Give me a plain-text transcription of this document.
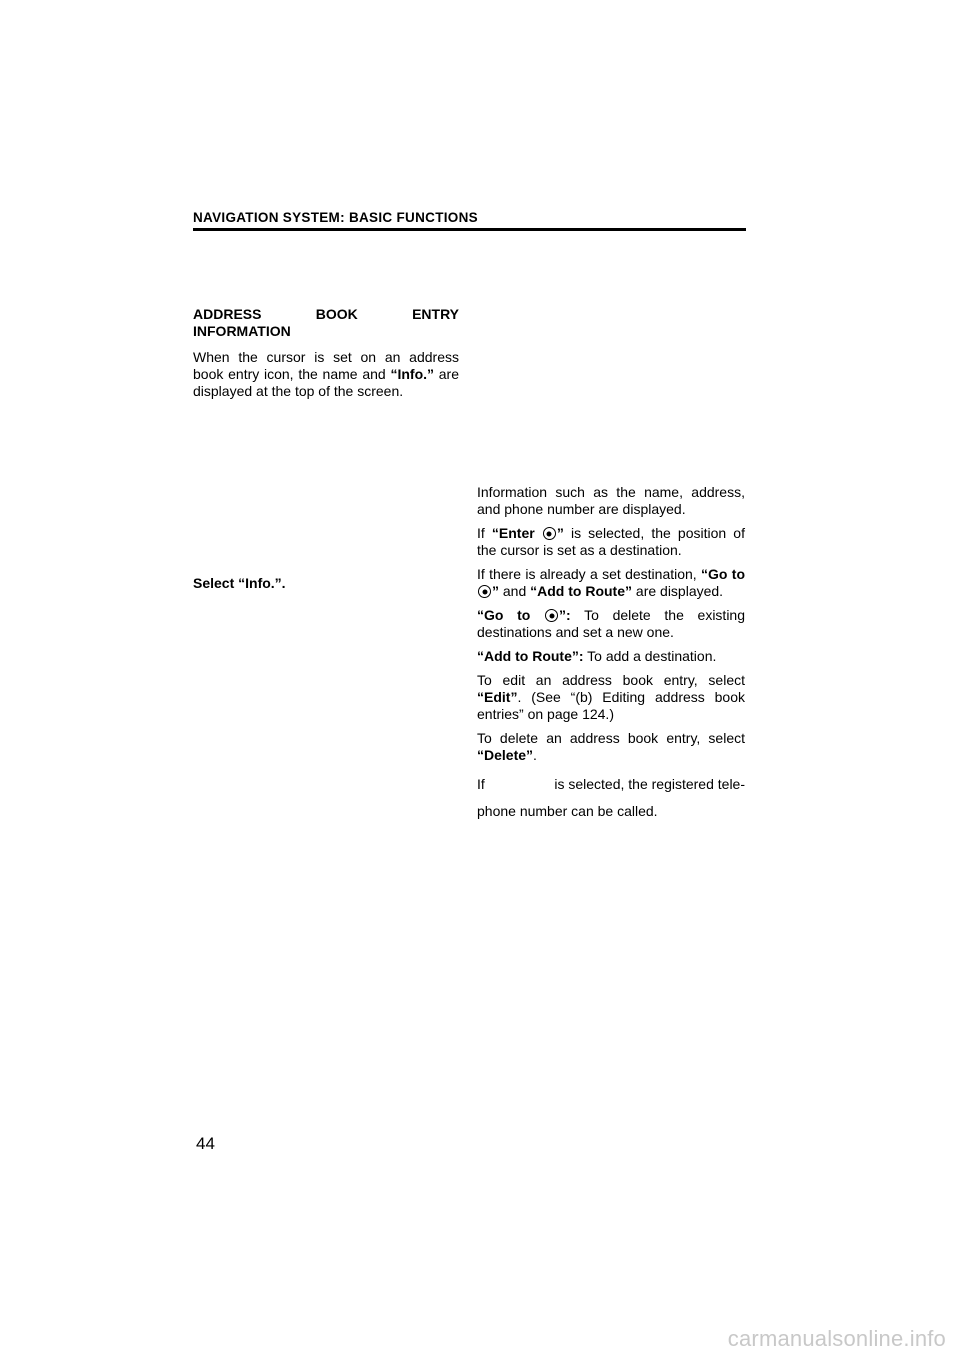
NAVIGATION SYSTEM: BASIC FUNCTIONS
ADDRESS	BOOK	ENTRY
INFORMATION

When the cursor is set on an address book entry icon, the name and “Info.” are displayed at the top of the screen.

Select “Info.”.

Information such as the name, address, and phone number are displayed.

If “Enter ” is selected, the position of the cursor is set as a destination.

If there is already a set destination, “Go to ” and “Add to Route” are displayed.

“Go to ”: To delete the existing destinations and set a new one.

“Add to Route”: To add a destination.

To edit an address book entry, select “Edit”. (See “(b) Editing address book entries” on page 124.)

To delete an address book entry, select “Delete”.

If	is selected, the registered tele-

phone number can be called.

44
carmanualsonline.info
